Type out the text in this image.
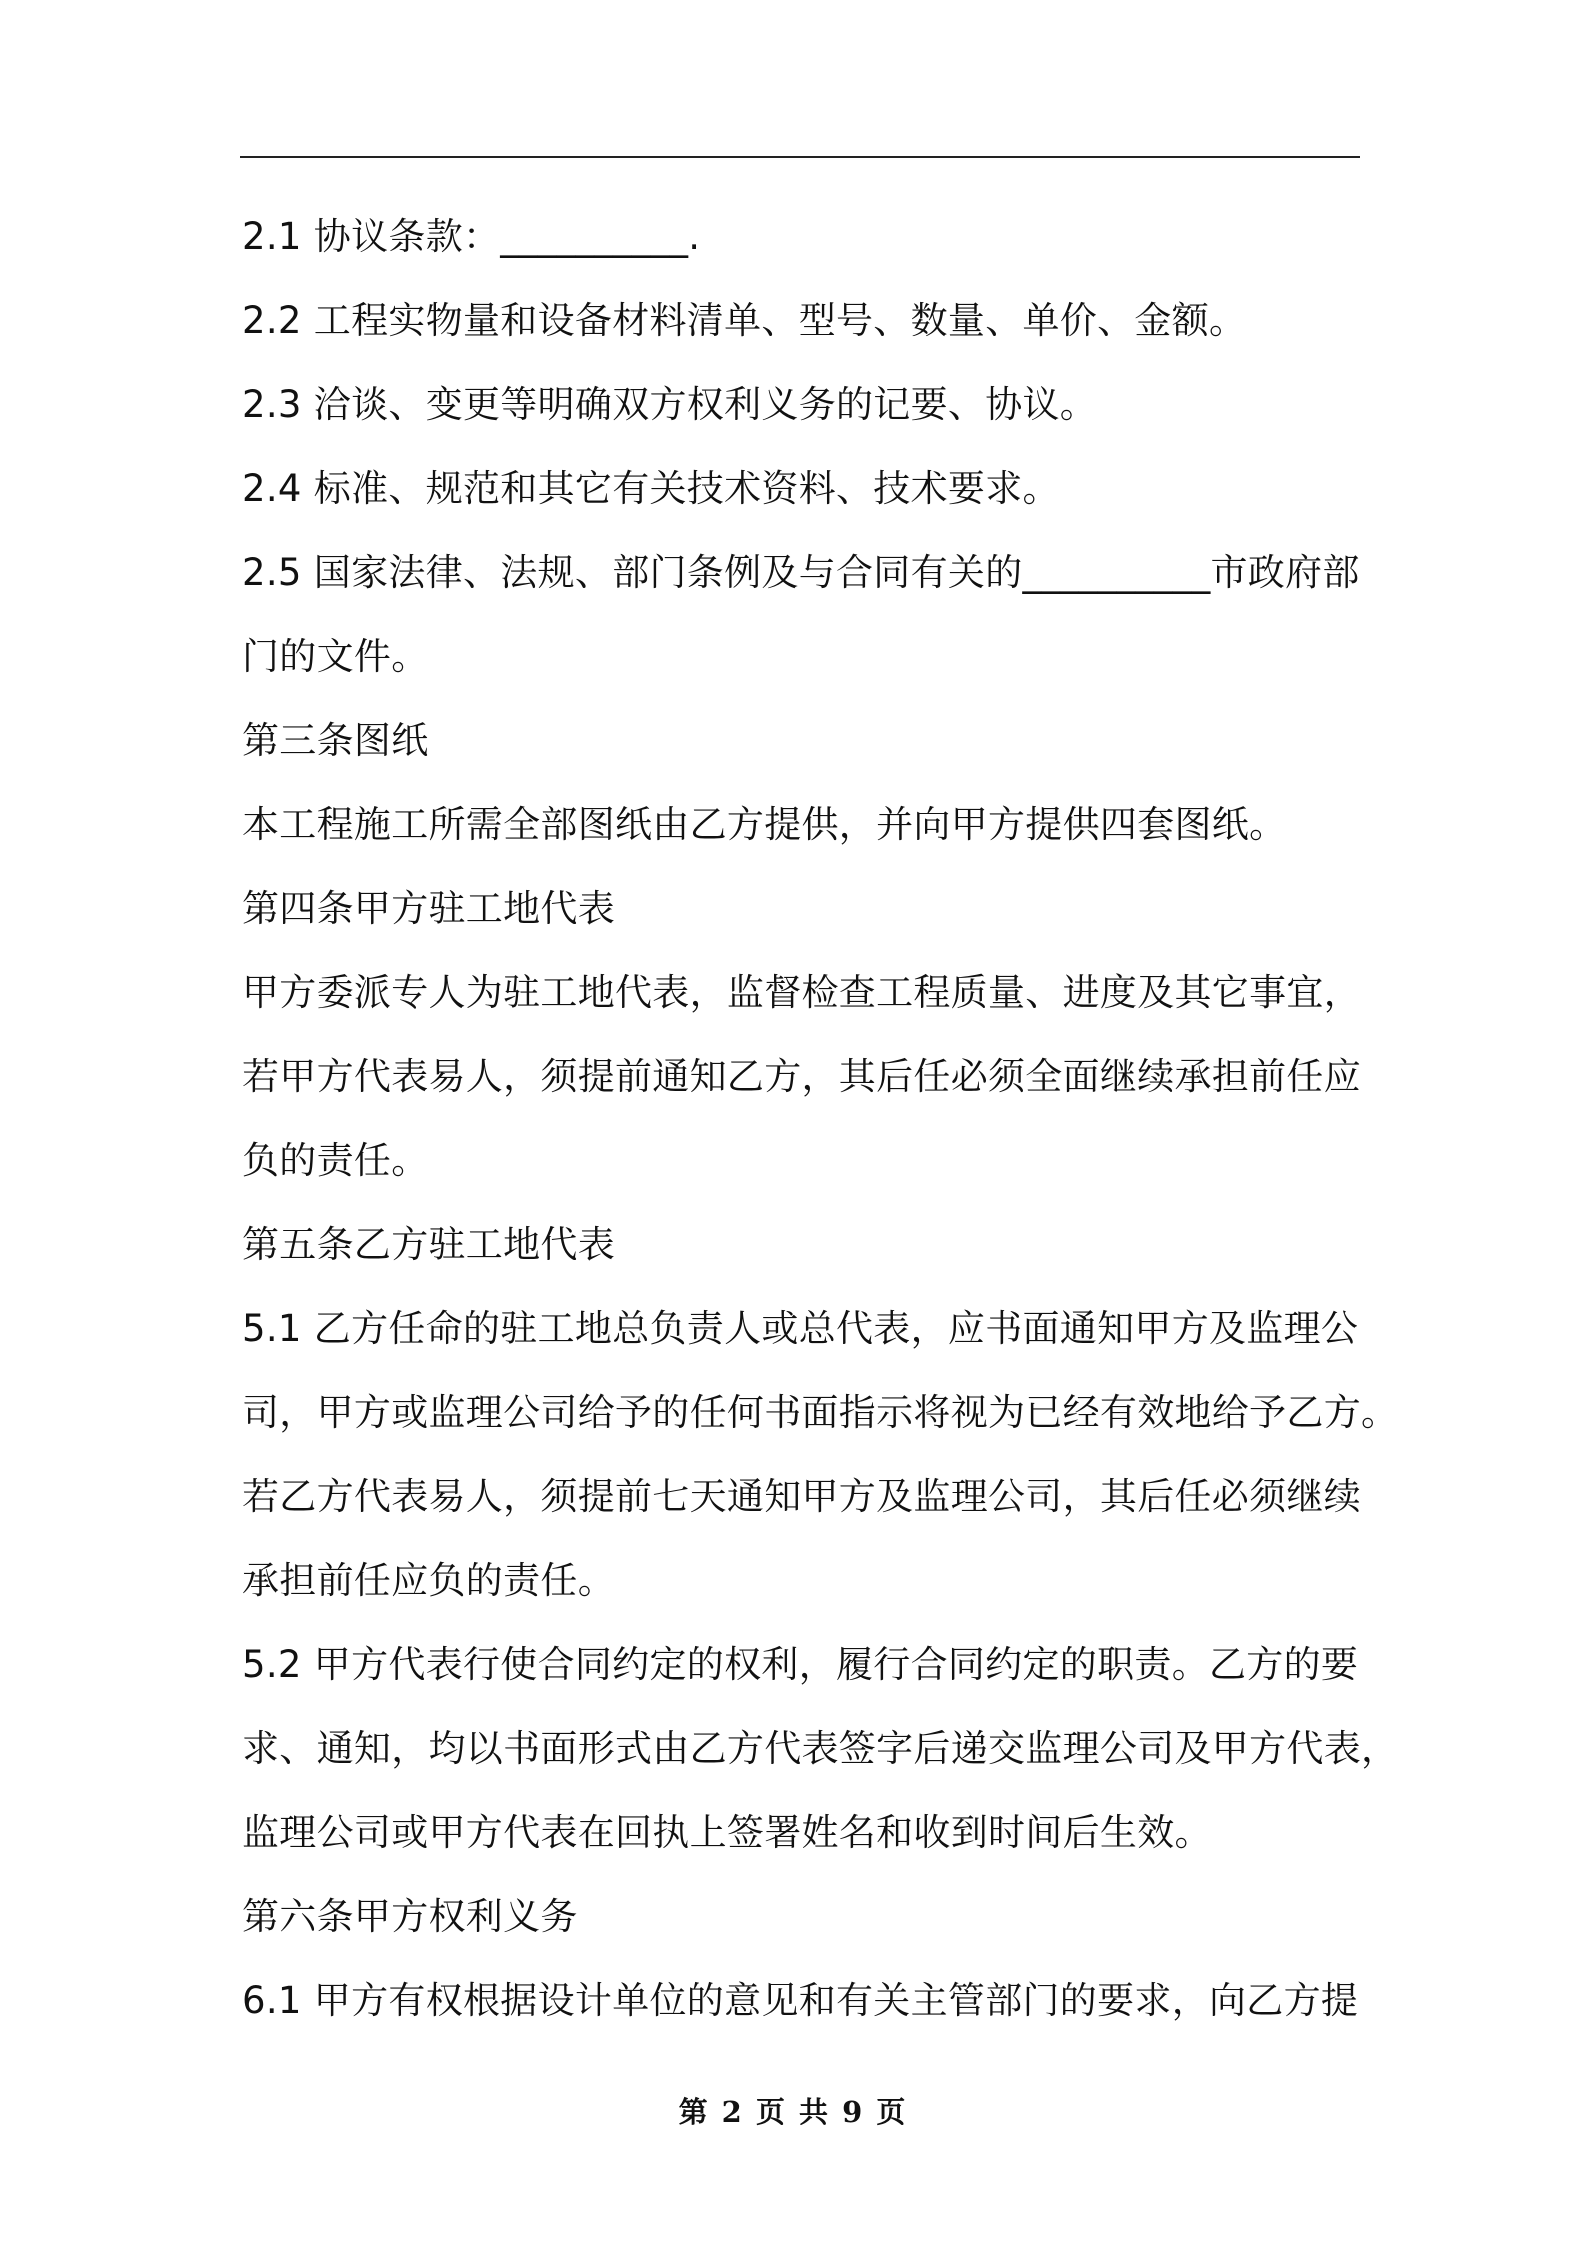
2.1 协议条款：__________.
2.2 工程实物量和设备材料清单、型号、数量、单价、金额。
2.3 洽谈、变更等明确双方权利义务的记要、协议。
2.4 标准、规范和其它有关技术资料、技术要求。
2.5 国家法律、法规、部门条例及与合同有关的__________市政府部
门的文件。
第三条图纸
本工程施工所需全部图纸由乙方提供，并向甲方提供四套图纸。
第四条甲方驻工地代表
甲方委派专人为驻工地代表，监督检查工程质量、进度及其它事宜，
若甲方代表易人，须提前通知乙方，其后任必须全面继续承担前任应
负的责任。
第五条乙方驻工地代表
5.1 乙方任命的驻工地总负责人或总代表，应书面通知甲方及监理公
司，甲方或监理公司给予的任何书面指示将视为已经有效地给予乙方。
若乙方代表易人，须提前七天通知甲方及监理公司，其后任必须继续
承担前任应负的责任。
5.2 甲方代表行使合同约定的权利，履行合同约定的职责。乙方的要
求、通知，均以书面形式由乙方代表签字后递交监理公司及甲方代表，
监理公司或甲方代表在回执上签署姓名和收到时间后生效。
第六条甲方权利义务
6.1 甲方有权根据设计单位的意见和有关主管部门的要求，向乙方提
第 2 页 共 9 页
